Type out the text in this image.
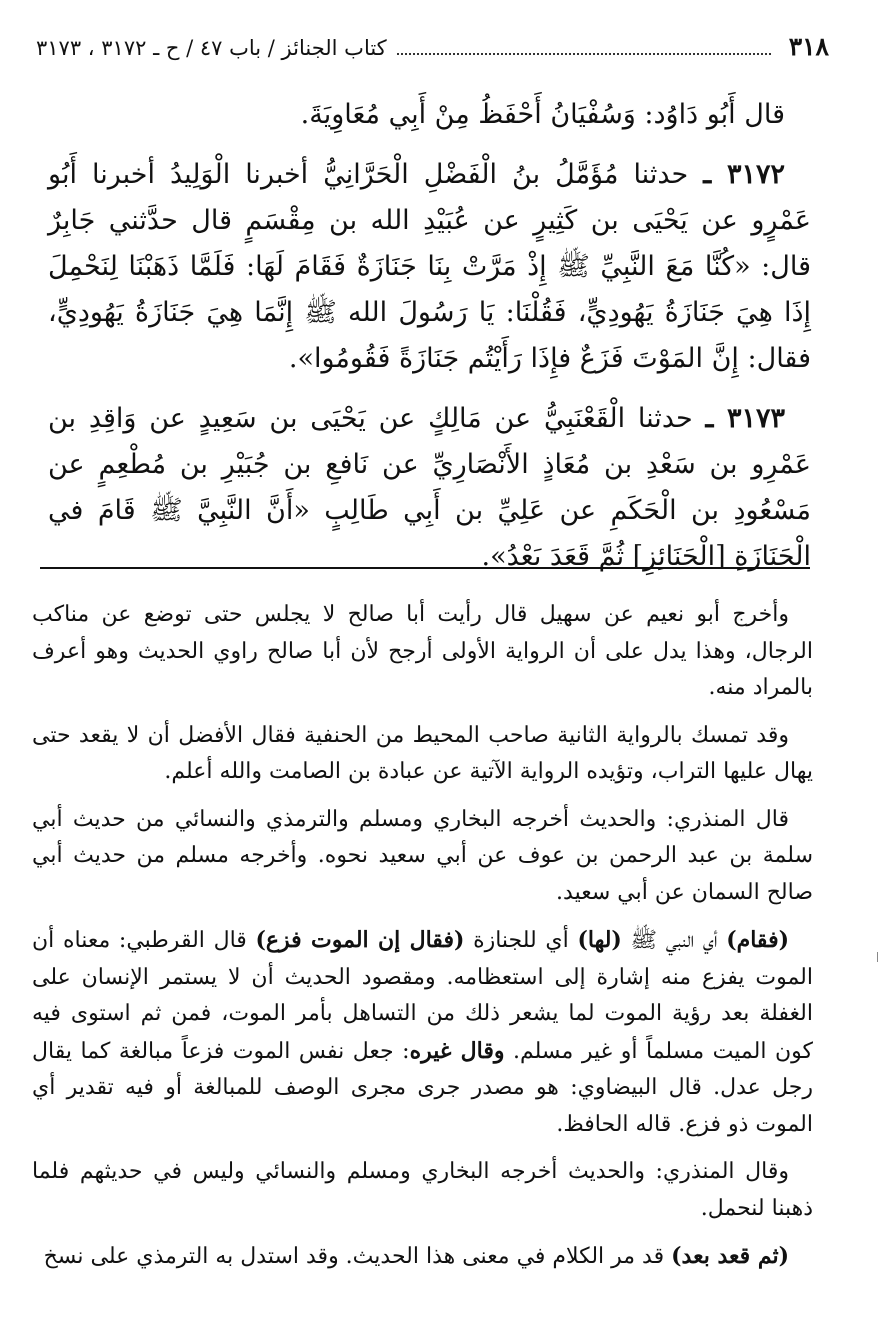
٣١٨
كتاب الجنائز / باب ٤٧ / ح ـ ٣١٧٢ ، ٣١٧٣

قال أَبُو دَاوُد: وَسُفْيَانُ أَحْفَظُ مِنْ أَبِي مُعَاوِيَةَ.

٣١٧٢ ـ حدثنا مُؤَمَّلُ بنُ الْفَضْلِ الْحَرَّانِيُّ أخبرنا الْوَلِيدُ أخبرنا أَبُو عَمْرٍو عن يَحْيَى بن كَثِيرٍ عن عُبَيْدِ الله بن مِقْسَمٍ قال حدَّثني جَابِرٌ قال: «كُنَّا مَعَ النَّبِيِّ ﷺ إِذْ مَرَّتْ بِنَا جَنَازَةٌ فَقَامَ لَهَا: فَلَمَّا ذَهَبْنَا لِنَحْمِلَ إِذَا هِيَ جَنَازَةُ يَهُودِيٍّ، فَقُلْنَا: يَا رَسُولَ الله ﷺ إِنَّمَا هِيَ جَنَازَةُ يَهُودِيٍّ، فقال: إِنَّ المَوْتَ فَزَعٌ فإِذَا رَأَيْتُم جَنَازَةً فَقُومُوا».

٣١٧٣ ـ حدثنا الْقَعْنَبِيُّ عن مَالِكٍ عن يَحْيَى بن سَعِيدٍ عن وَاقِدِ بن عَمْرِو بن سَعْدِ بن مُعَاذٍ الأَنْصَارِيِّ عن نَافعِ بن جُبَيْرِ بن مُطْعِمٍ عن مَسْعُودِ بن الْحَكَمِ عن عَلِيِّ بن أَبِي طَالِبٍ «أَنَّ النَّبِيَّ ﷺ قَامَ في الْجَنَازَةِ [الْجَنَائِزِ] ثُمَّ قَعَدَ بَعْدُ».

وأخرج أبو نعيم عن سهيل قال رأيت أبا صالح لا يجلس حتى توضع عن مناكب الرجال، وهذا يدل على أن الرواية الأولى أرجح لأن أبا صالح راوي الحديث وهو أعرف بالمراد منه.

وقد تمسك بالرواية الثانية صاحب المحيط من الحنفية فقال الأفضل أن لا يقعد حتى يهال عليها التراب، وتؤيده الرواية الآتية عن عبادة بن الصامت والله أعلم.

قال المنذري: والحديث أخرجه البخاري ومسلم والترمذي والنسائي من حديث أبي سلمة بن عبد الرحمن بن عوف عن أبي سعيد نحوه. وأخرجه مسلم من حديث أبي صالح السمان عن أبي سعيد.

(فقام) أي النبي ﷺ (لها) أي للجنازة (فقال إن الموت فزع) قال القرطبي: معناه أن الموت يفزع منه إشارة إلى استعظامه. ومقصود الحديث أن لا يستمر الإنسان على الغفلة بعد رؤية الموت لما يشعر ذلك من التساهل بأمر الموت، فمن ثم استوى فيه كون الميت مسلماً أو غير مسلم. وقال غيره: جعل نفس الموت فزعاً مبالغة كما يقال رجل عدل. قال البيضاوي: هو مصدر جرى مجرى الوصف للمبالغة أو فيه تقدير أي الموت ذو فزع. قاله الحافظ.

وقال المنذري: والحديث أخرجه البخاري ومسلم والنسائي وليس في حديثهم فلما ذهبنا لنحمل.

(ثم قعد بعد) قد مر الكلام في معنى هذا الحديث. وقد استدل به الترمذي على نسخ
